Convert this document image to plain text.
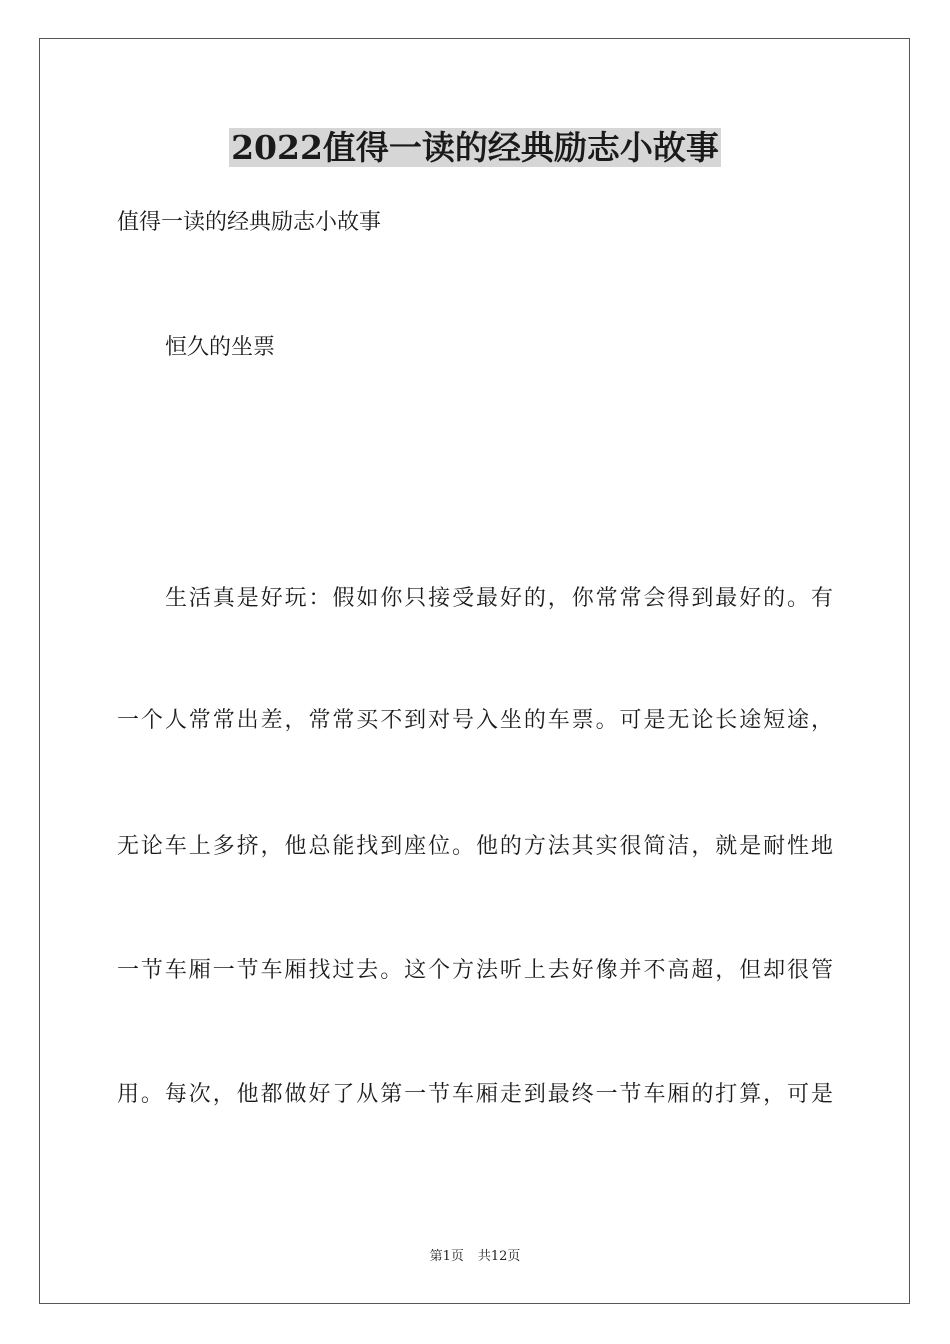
2022值得一读的经典励志小故事
值得一读的经典励志小故事
恒久的坐票
生活真是好玩：假如你只接受最好的，你常常会得到最好的。有
一个人常常出差，常常买不到对号入坐的车票。可是无论长途短途，
无论车上多挤，他总能找到座位。他的方法其实很简洁，就是耐性地
一节车厢一节车厢找过去。这个方法听上去好像并不高超，但却很管
用。每次，他都做好了从第一节车厢走到最终一节车厢的打算，可是
第1页 共12页
